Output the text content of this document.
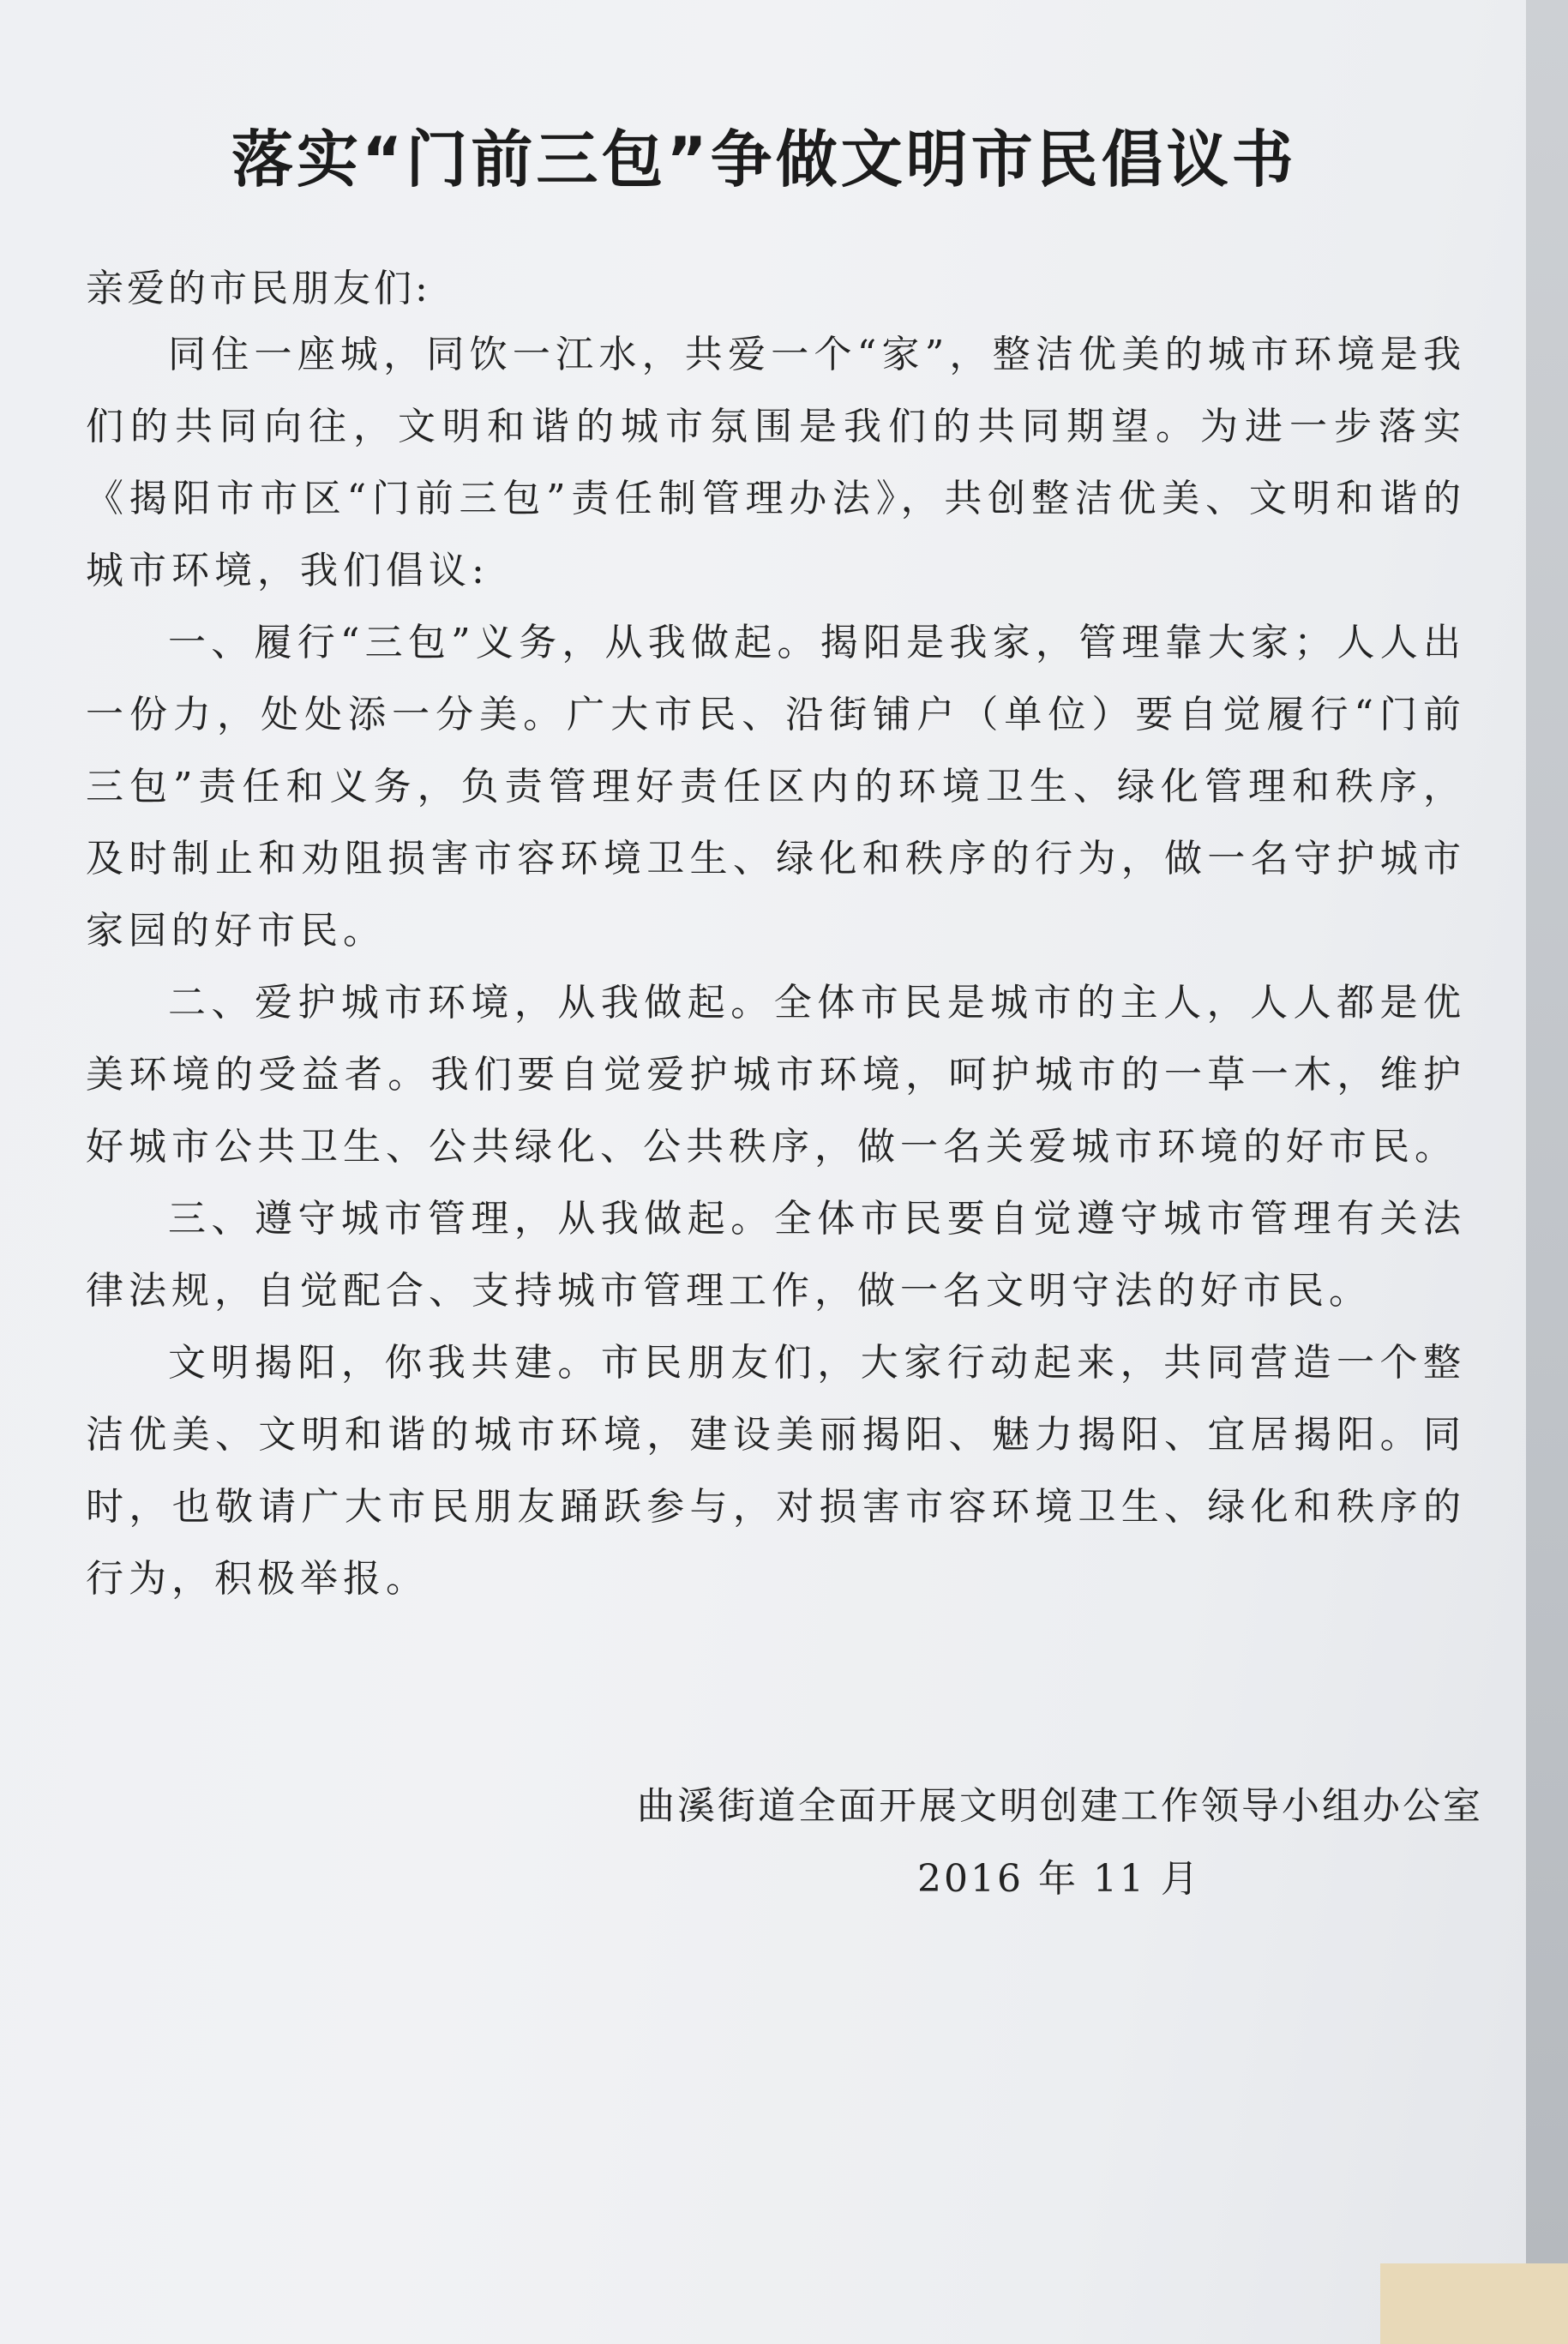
落实“门前三包”争做文明市民倡议书
亲爱的市民朋友们:

同住一座城，同饮一江水，共爱一个“家”，整洁优美的城市环境是我们的共同向往，文明和谐的城市氛围是我们的共同期望。为进一步落实《揭阳市市区“门前三包”责任制管理办法》，共创整洁优美、文明和谐的城市环境，我们倡议:

一、履行“三包”义务，从我做起。揭阳是我家，管理靠大家；人人出一份力，处处添一分美。广大市民、沿街铺户（单位）要自觉履行“门前三包”责任和义务，负责管理好责任区内的环境卫生、绿化管理和秩序，及时制止和劝阻损害市容环境卫生、绿化和秩序的行为，做一名守护城市家园的好市民。

二、爱护城市环境，从我做起。全体市民是城市的主人，人人都是优美环境的受益者。我们要自觉爱护城市环境，呵护城市的一草一木，维护好城市公共卫生、公共绿化、公共秩序，做一名关爱城市环境的好市民。

三、遵守城市管理，从我做起。全体市民要自觉遵守城市管理有关法律法规，自觉配合、支持城市管理工作，做一名文明守法的好市民。

文明揭阳，你我共建。市民朋友们，大家行动起来，共同营造一个整洁优美、文明和谐的城市环境，建设美丽揭阳、魅力揭阳、宜居揭阳。同时，也敬请广大市民朋友踊跃参与，对损害市容环境卫生、绿化和秩序的行为，积极举报。

曲溪街道全面开展文明创建工作领导小组办公室
2016 年 11 月
